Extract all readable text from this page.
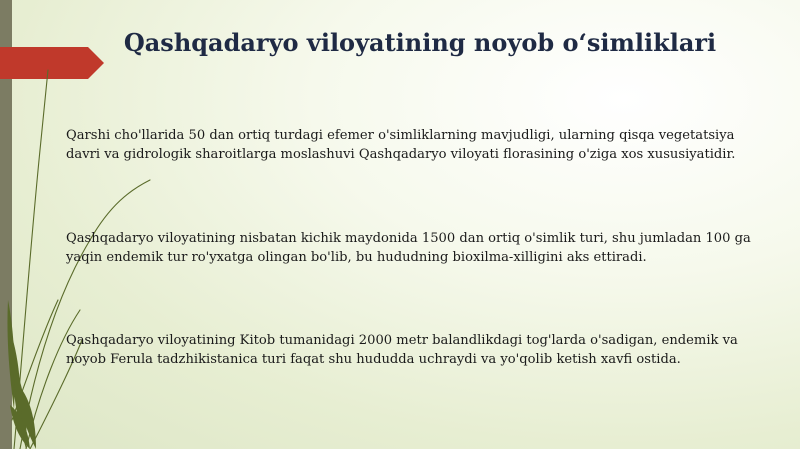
Qashqadaryo viloyatining noyob o‘simliklari

Qarshi cho'llarida 50 dan ortiq turdagi efemer o'simliklarning mavjudligi, ularning qisqa vegetatsiya davri va gidrologik sharoitlarga moslashuvi Qashqadaryo viloyati florasining o'ziga xos xususiyatidir.

Qashqadaryo viloyatining nisbatan kichik maydonida 1500 dan ortiq o'simlik turi, shu jumladan 100 ga yaqin endemik tur ro'yxatga olingan bo'lib, bu hududning bioxilma-xilligini aks ettiradi.

Qashqadaryo viloyatining Kitob tumanidagi 2000 metr balandlikdagi tog'larda o'sadigan, endemik va noyob Ferula tadzhikistanica turi faqat shu hududda uchraydi va yo'qolib ketish xavfi ostida.
